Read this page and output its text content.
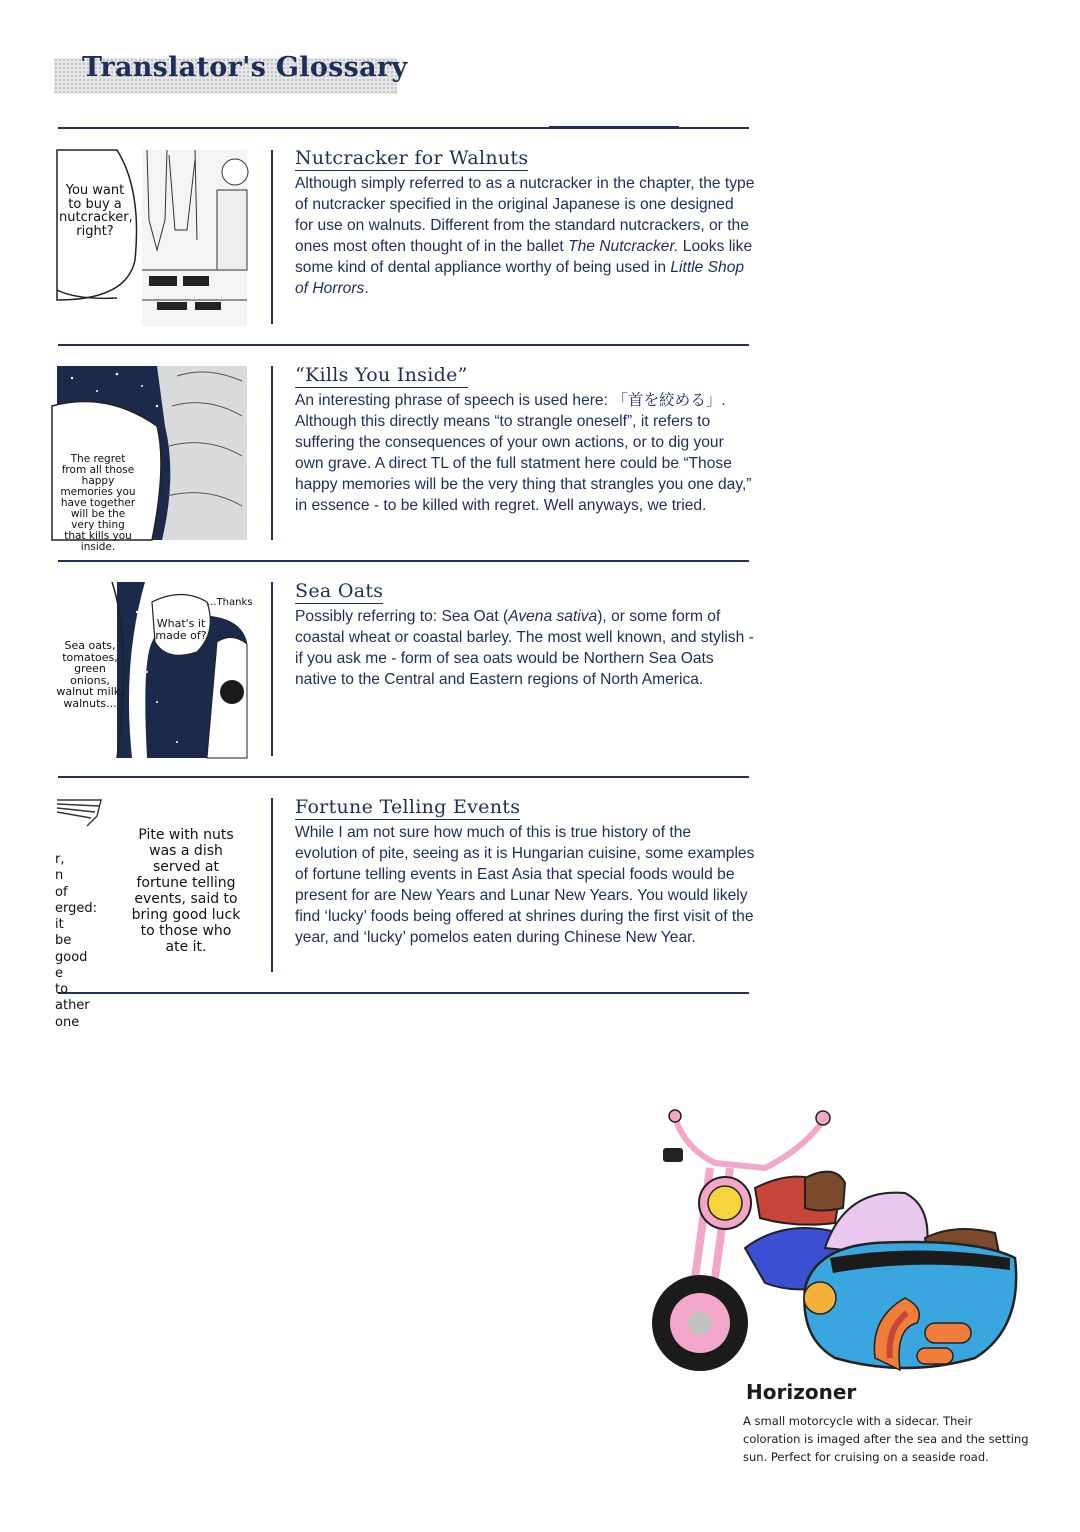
Translator's Glossary
You want to buy a nutcracker, right?
The regret from all those happy memories you have together will be the very thing that kills you inside.
Sea oats, tomatoes, green onions, walnut milk, walnuts...
What's it made of?
...Thanks
r, n of erged: it be good e to ather one
Pite with nuts was a dish served at fortune telling events, said to bring good luck to those who ate it.
Nutcracker for Walnuts

Although simply referred to as a nutcracker in the chapter, the type of nutcracker specified in the original Japanese is one designed for use on walnuts. Different from the standard nutcrackers, or the ones most often thought of in the ballet The Nutcracker. Looks like some kind of dental appliance worthy of being used in Little Shop of Horrors.

“Kills You Inside”

An interesting phrase of speech is used here: 「首を絞める」. Although this directly means “to strangle oneself”, it refers to suffering the consequences of your own actions, or to dig your own grave. A direct TL of the full statment here could be “Those happy memories will be the very thing that strangles you one day,” in essence - to be killed with regret. Well anyways, we tried.

Sea Oats

Possibly referring to: Sea Oat (Avena sativa), or some form of coastal wheat or coastal barley. The most well known, and stylish - if you ask me - form of sea oats would be Northern Sea Oats native to the Central and Eastern regions of North America.

Fortune Telling Events

While I am not sure how much of this is true history of the evolution of pite, seeing as it is Hungarian cuisine, some examples of fortune telling events in East Asia that special foods would be present for are New Years and Lunar New Years. You would likely find ‘lucky’ foods being offered at shrines during the first visit of the year, and ‘lucky’ pomelos eaten during Chinese New Year.

Horizoner
A small motorcycle with a sidecar. Their coloration is imaged after the sea and the setting sun. Perfect for cruising on a seaside road.
